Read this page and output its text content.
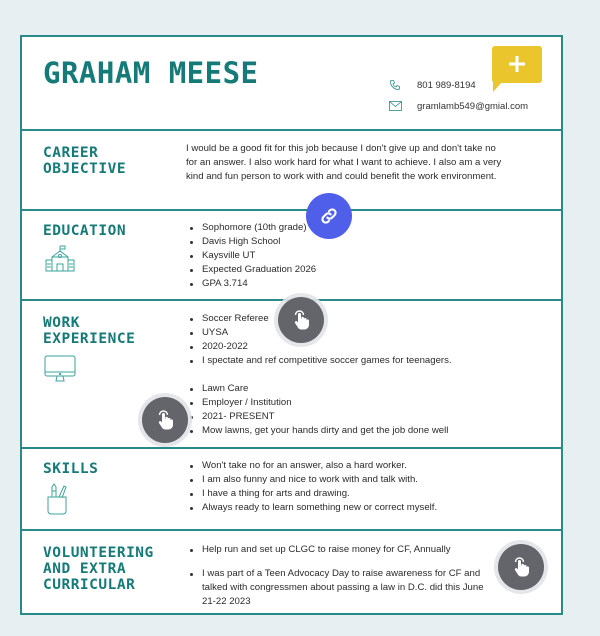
GRAHAM MEESE	801 989-8194
gramlamb549@gmial.com
CAREER
OBJECTIVE

I would be a good fit for this job because I don't give up and don't take no for an answer. I also work hard for what I want to achieve. I also am a very kind and fun person to work with and could benefit the work environment.

EDUCATION	Sophomore (10th grade)
Davis High School
Kaysville UT
Expected Graduation 2026
GPA 3.714
WORK
EXPERIENCE
Soccer Referee
UYSA
2020-2022
I spectate and ref competitive soccer games for teenagers.
Lawn Care
Employer / Institution
2021- PRESENT
Mow lawns, get your hands dirty and get the job done well
SKILLS	Won't take no for an answer, also a hard worker.
I am also funny and nice to work with and talk with.
I have a thing for arts and drawing.
Always ready to learn something new or correct myself.
VOLUNTEERING
AND EXTRA
CURRICULAR
Help run and set up CLGC to raise money for CF, Annually
I was part of a Teen Advocacy Day to raise awareness for CF and talked with congressmen about passing a law in D.C. did this June 21-22 2023
